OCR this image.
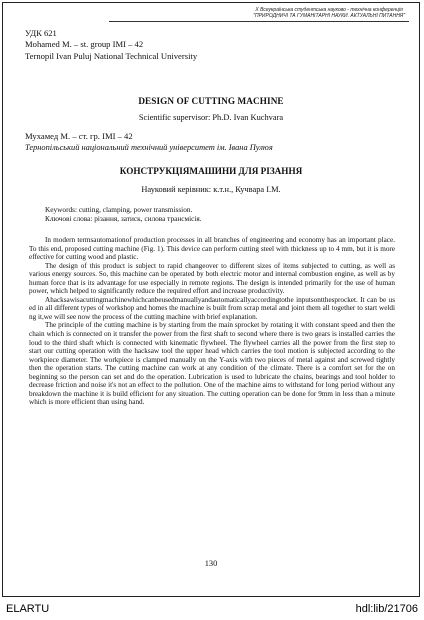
X Всеукраїнська студентська науково - технічна конференція
"ПРИРОДНИЧІ ТА ГУМАНІТАРНІ НАУКИ. АКТУАЛЬНІ ПИТАННЯ"
УДК 621
Mohamed M. – st. group ІМІ – 42
Ternopil Ivan Puluj National Technical University
DESIGN OF CUTTING MACHINE
Scientific supervisor: Ph.D. Ivan Kuchvara
Мухамед М. – ст. гр. ІМІ – 42
Тернопільський національний технічний університет ім. Івана Пулюя
КОНСТРУКЦІЯМАШИНИ ДЛЯ РІЗАННЯ
Науковий керівник: к.т.н., Кучвара І.М.
Keywords: cutting, clamping, power transmission.
Ключові слова: різання, затиск, силова трансмісія.

In modern termsautomationof production processes in all branches of engineering and economy has an important place. To this end, proposed cutting machine (Fig. 1). This device can perform cutting steel with thickness up to 4 mm, but it is more effective for cutting wood and plastic.

The design of this product is subject to rapid changeover to different sizes of items subjected to cutting, as well as various energy sources. So, this machine can be operated by both electric motor and internal combustion engine, as well as by human force that is its advantage for use especially in remote regions. The design is intended primarily for the use of human power, which helped to significantly reduce the required effort and increase productivity.

Ahacksawisacuttingmachinewhichcanbeusedmanuallyandautomaticallyaccordingtothe inputsontthesprocket. It can be used in all different types of workshop and homes the machine is built from scrap metal and joint them all together to start welding it,we will see now the process of the cutting machine with brief explanation.

The principle of the cutting machine is by starting from the main sprocket by rotating it with constant speed and then the chain which is connected on it transfer the power from the first shaft to second where there is two gears is installed carries the loud to the third shaft which is connected with kinematic flywheel. The flywheel carries all the power from the first step to start our cutting operation with the hacksaw tool the upper head which carries the tool motion is subjected according to the workpiece diameter. The workpiece is clamped manually on the Y-axis with two pieces of metal against and screwed tightly then the operation starts. The cutting machine can work at any condition of the climate. There is a comfort set for the on beginning so the person can set and do the operation. Lubrication is used to lubricate the chains, bearings and tool holder to decrease friction and noise it's not an effect to the pollution. One of the machine aims to withstand for long period without any breakdown the machine it is build efficient for any situation. The cutting operation can be done for 9mm in less than a minute which is more efficient than using hand.

130
ELARTU	hdl:lib/21706
